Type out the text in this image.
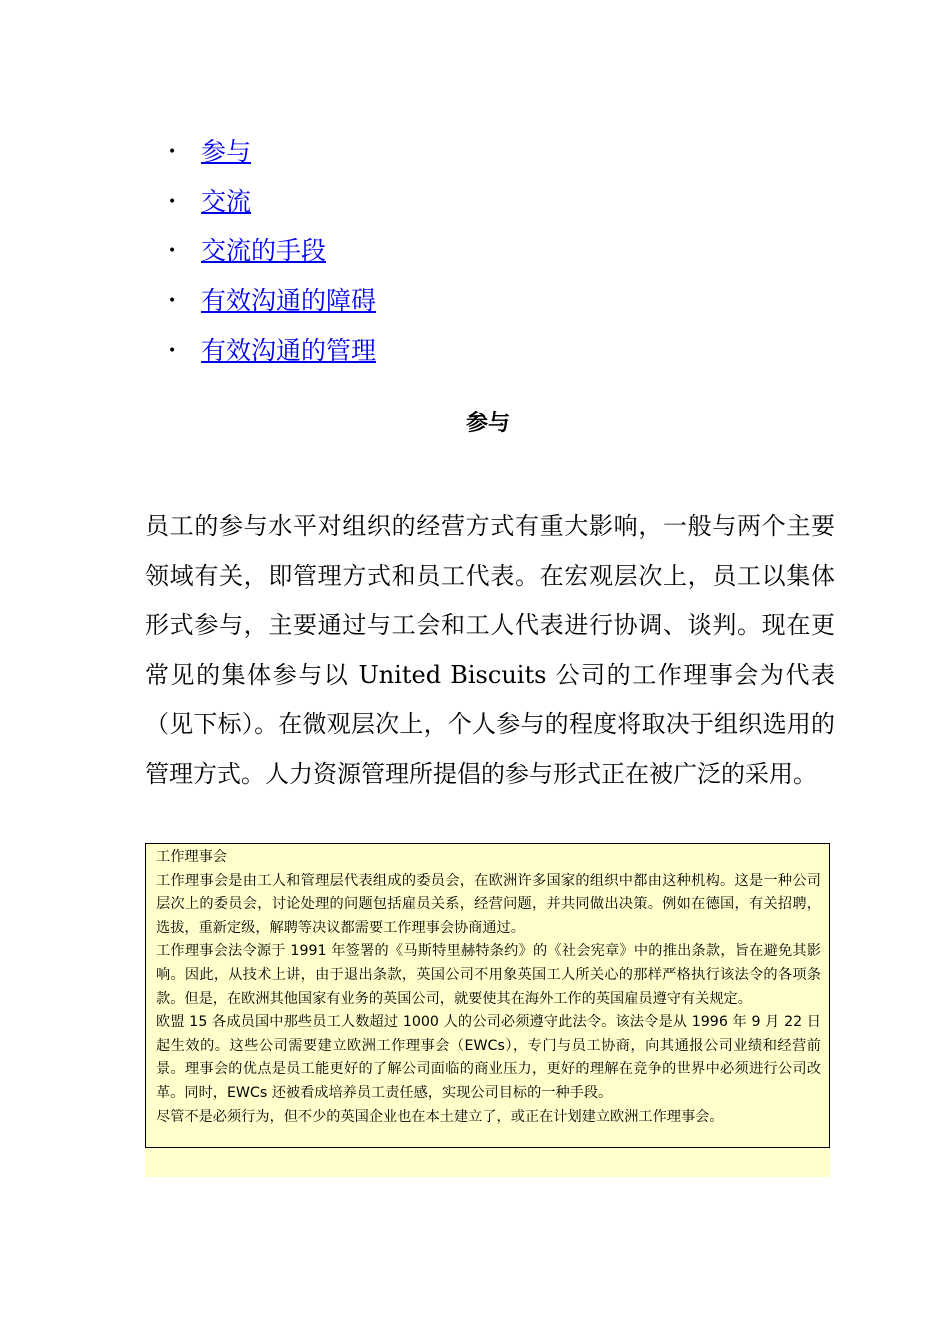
• 参与
• 交流
• 交流的手段
• 有效沟通的障碍
• 有效沟通的管理
参与

员工的参与水平对组织的经营方式有重大影响，一般与两个主要领域有关，即管理方式和员工代表。在宏观层次上，员工以集体形式参与，主要通过与工会和工人代表进行协调、谈判。现在更常见的集体参与以 United Biscuits 公司的工作理事会为代表（见下标）。在微观层次上，个人参与的程度将取决于组织选用的管理方式。人力资源管理所提倡的参与形式正在被广泛的采用。

工作理事会

工作理事会是由工人和管理层代表组成的委员会，在欧洲许多国家的组织中都由这种机构。这是一种公司层次上的委员会，讨论处理的问题包括雇员关系，经营问题，并共同做出决策。例如在德国，有关招聘，选拔，重新定级，解聘等决议都需要工作理事会协商通过。

工作理事会法令源于 1991 年签署的《马斯特里赫特条约》的《社会宪章》中的推出条款，旨在避免其影响。因此，从技术上讲，由于退出条款，英国公司不用象英国工人所关心的那样严格执行该法令的各项条款。但是，在欧洲其他国家有业务的英国公司，就要使其在海外工作的英国雇员遵守有关规定。

欧盟 15 各成员国中那些员工人数超过 1000 人的公司必须遵守此法令。该法令是从 1996 年 9 月 22 日起生效的。这些公司需要建立欧洲工作理事会（EWCs），专门与员工协商，向其通报公司业绩和经营前景。理事会的优点是员工能更好的了解公司面临的商业压力，更好的理解在竞争的世界中必须进行公司改革。同时，EWCs 还被看成培养员工责任感，实现公司目标的一种手段。

尽管不是必须行为，但不少的英国企业也在本土建立了，或正在计划建立欧洲工作理事会。
